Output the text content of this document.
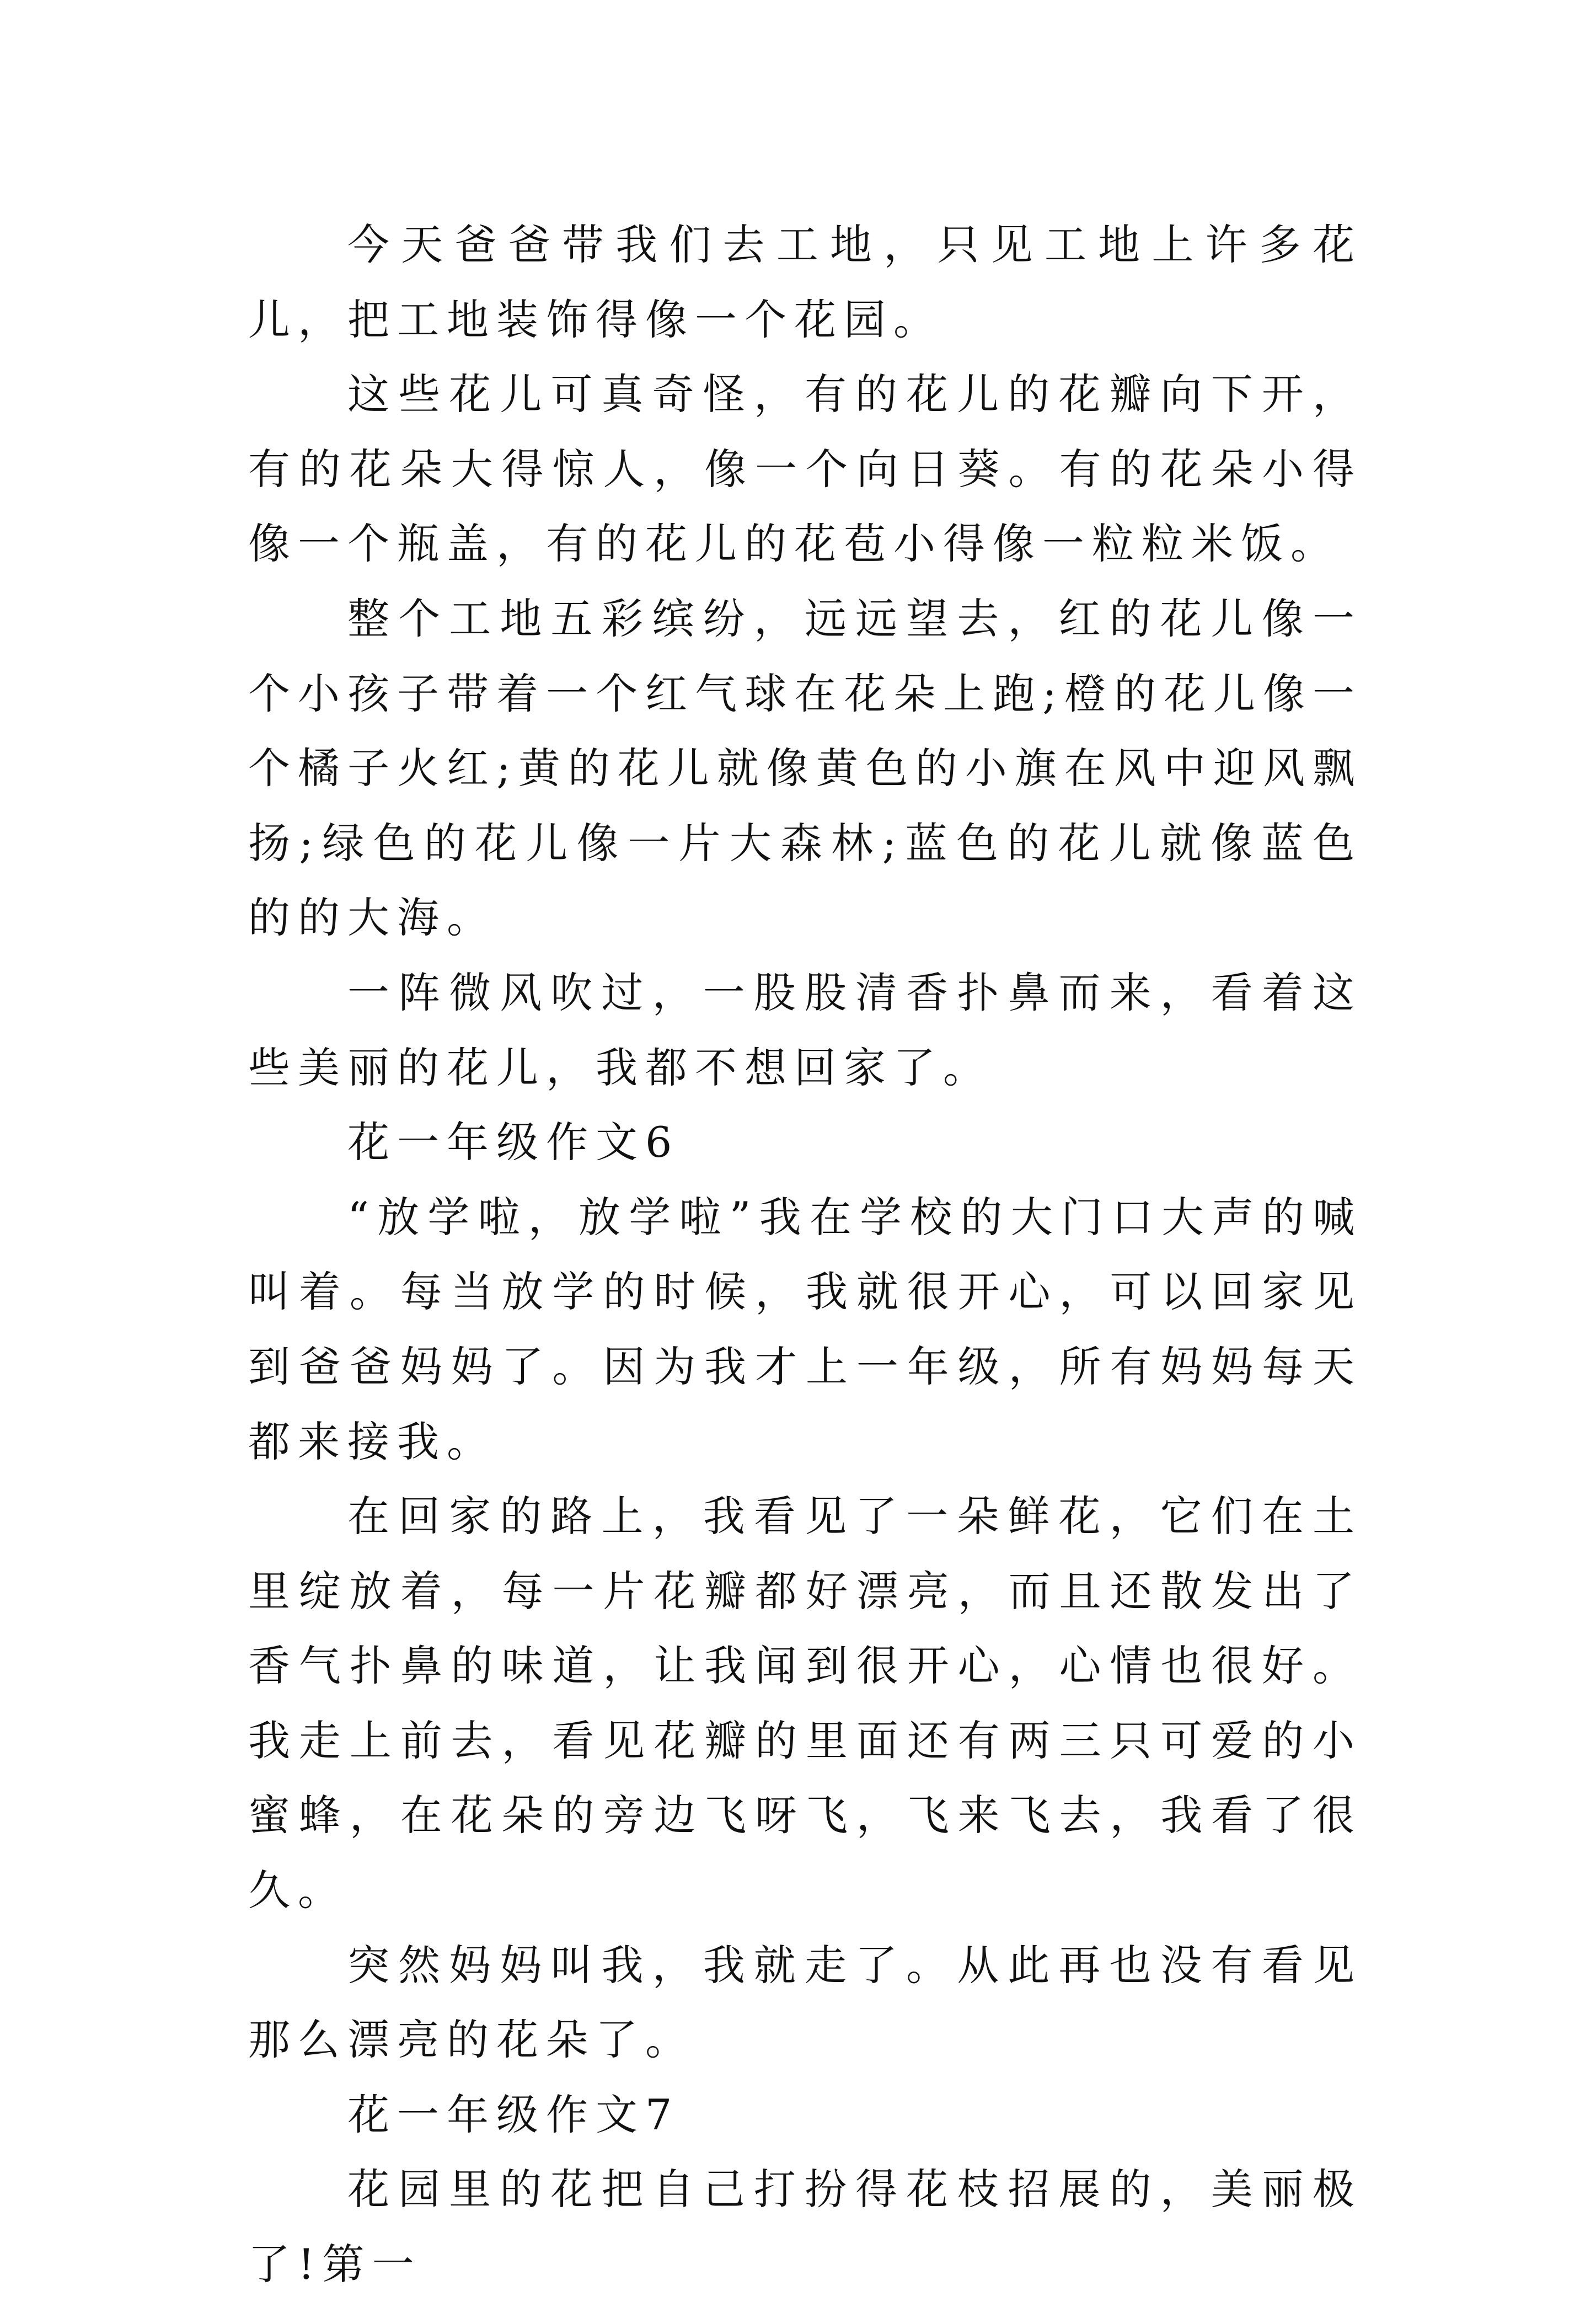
今天爸爸带我们去工地，只见工地上许多花儿，把工地装饰得像一个花园。

这些花儿可真奇怪，有的花儿的花瓣向下开，有的花朵大得惊人，像一个向日葵。有的花朵小得像一个瓶盖，有的花儿的花苞小得像一粒粒米饭。

整个工地五彩缤纷，远远望去，红的花儿像一个小孩子带着一个红气球在花朵上跑;橙的花儿像一个橘子火红;黄的花儿就像黄色的小旗在风中迎风飘扬;绿色的花儿像一片大森林;蓝色的花儿就像蓝色的的大海。

一阵微风吹过，一股股清香扑鼻而来，看着这些美丽的花儿，我都不想回家了。

花一年级作文6

“放学啦，放学啦”我在学校的大门口大声的喊叫着。每当放学的时候，我就很开心，可以回家见到爸爸妈妈了。因为我才上一年级，所有妈妈每天都来接我。

在回家的路上，我看见了一朵鲜花，它们在土里绽放着，每一片花瓣都好漂亮，而且还散发出了香气扑鼻的味道，让我闻到很开心，心情也很好。我走上前去，看见花瓣的里面还有两三只可爱的小蜜蜂，在花朵的旁边飞呀飞，飞来飞去，我看了很久。

突然妈妈叫我，我就走了。从此再也没有看见那么漂亮的花朵了。

花一年级作文7

花园里的花把自己打扮得花枝招展的，美丽极了!第一
